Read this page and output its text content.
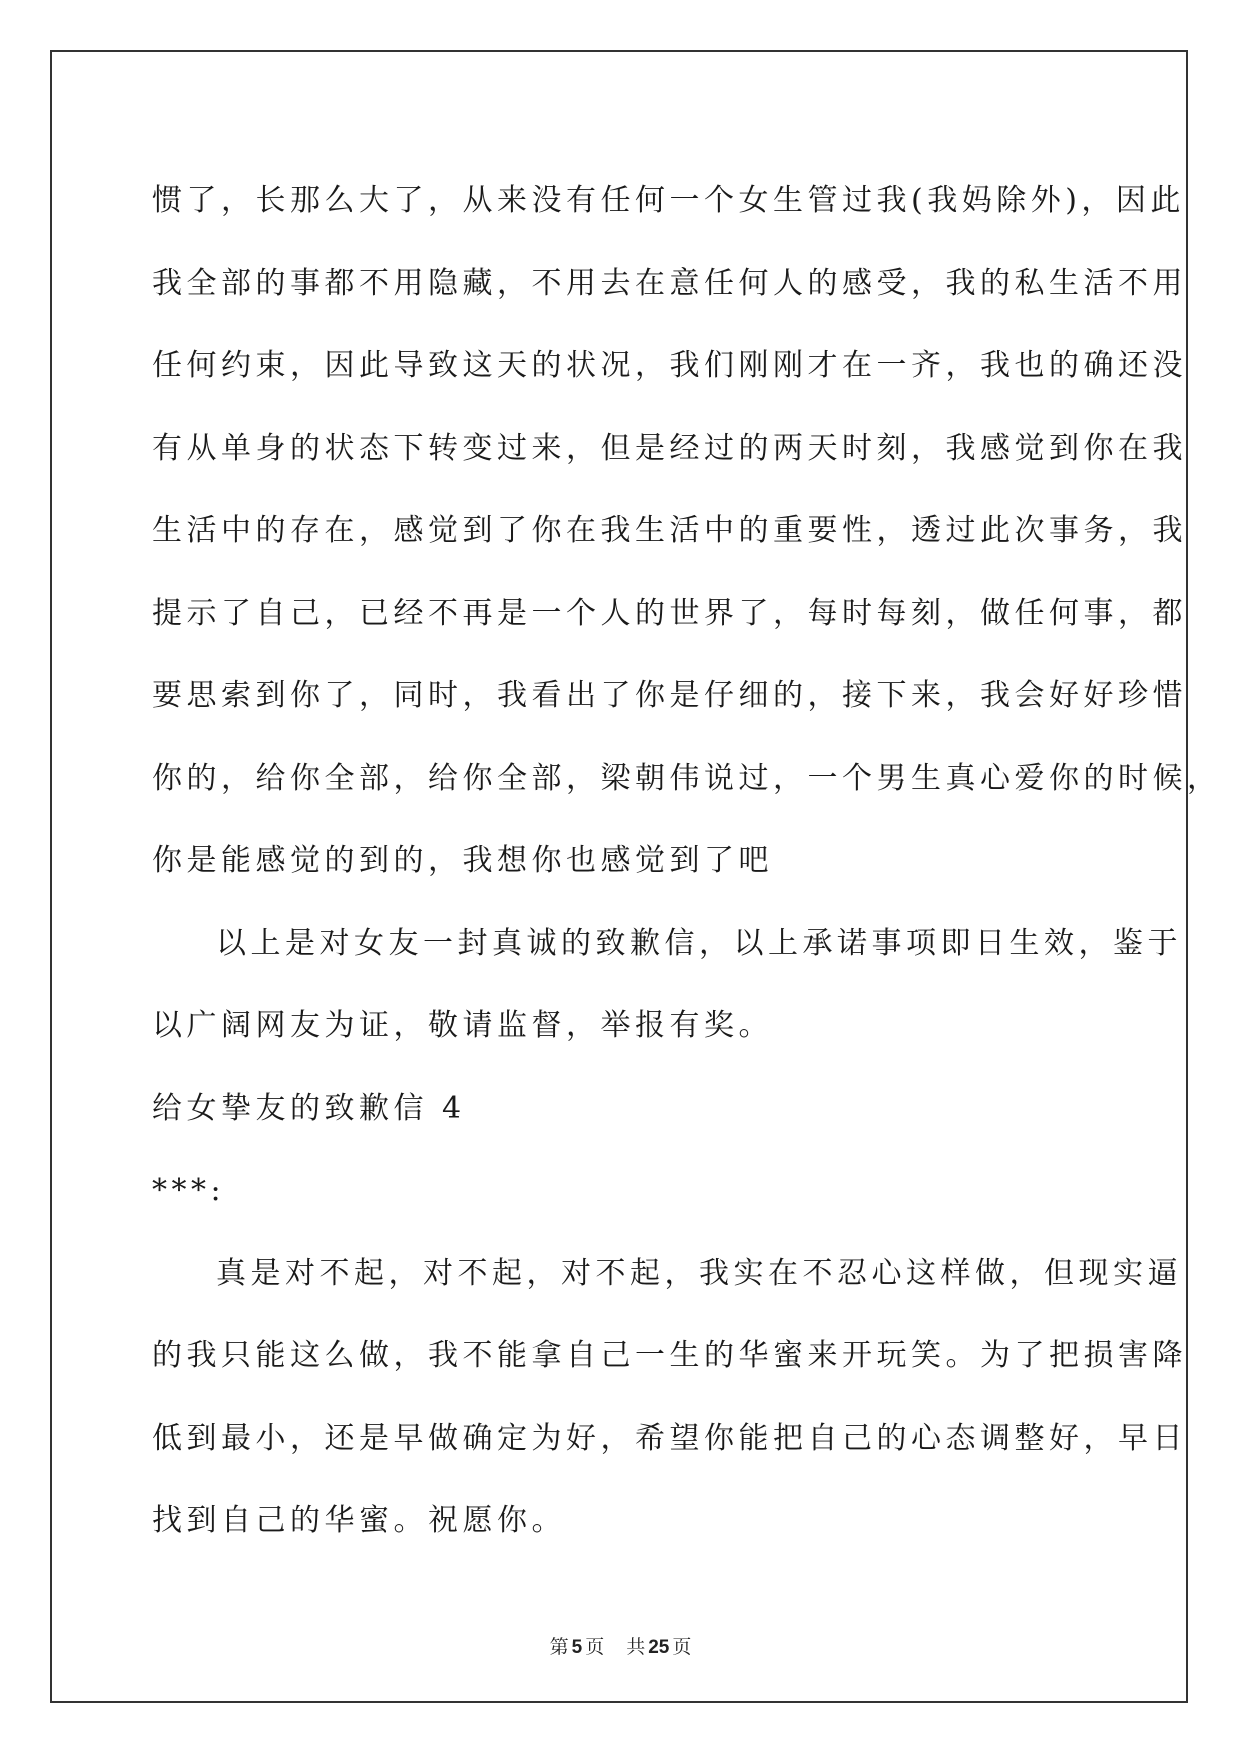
惯了，长那么大了，从来没有任何一个女生管过我(我妈除外)，因此
我全部的事都不用隐藏，不用去在意任何人的感受，我的私生活不用
任何约束，因此导致这天的状况，我们刚刚才在一齐，我也的确还没
有从单身的状态下转变过来，但是经过的两天时刻，我感觉到你在我
生活中的存在，感觉到了你在我生活中的重要性，透过此次事务，我
提示了自己，已经不再是一个人的世界了，每时每刻，做任何事，都
要思索到你了，同时，我看出了你是仔细的，接下来，我会好好珍惜
你的，给你全部，给你全部，梁朝伟说过，一个男生真心爱你的时候，
你是能感觉的到的，我想你也感觉到了吧
以上是对女友一封真诚的致歉信，以上承诺事项即日生效，鉴于
以广阔网友为证，敬请监督，举报有奖。
给女挚友的致歉信 4
***:
真是对不起，对不起，对不起，我实在不忍心这样做，但现实逼
的我只能这么做，我不能拿自己一生的华蜜来开玩笑。为了把损害降
低到最小，还是早做确定为好，希望你能把自己的心态调整好，早日
找到自己的华蜜。祝愿你。
第 5 页 共 25 页
